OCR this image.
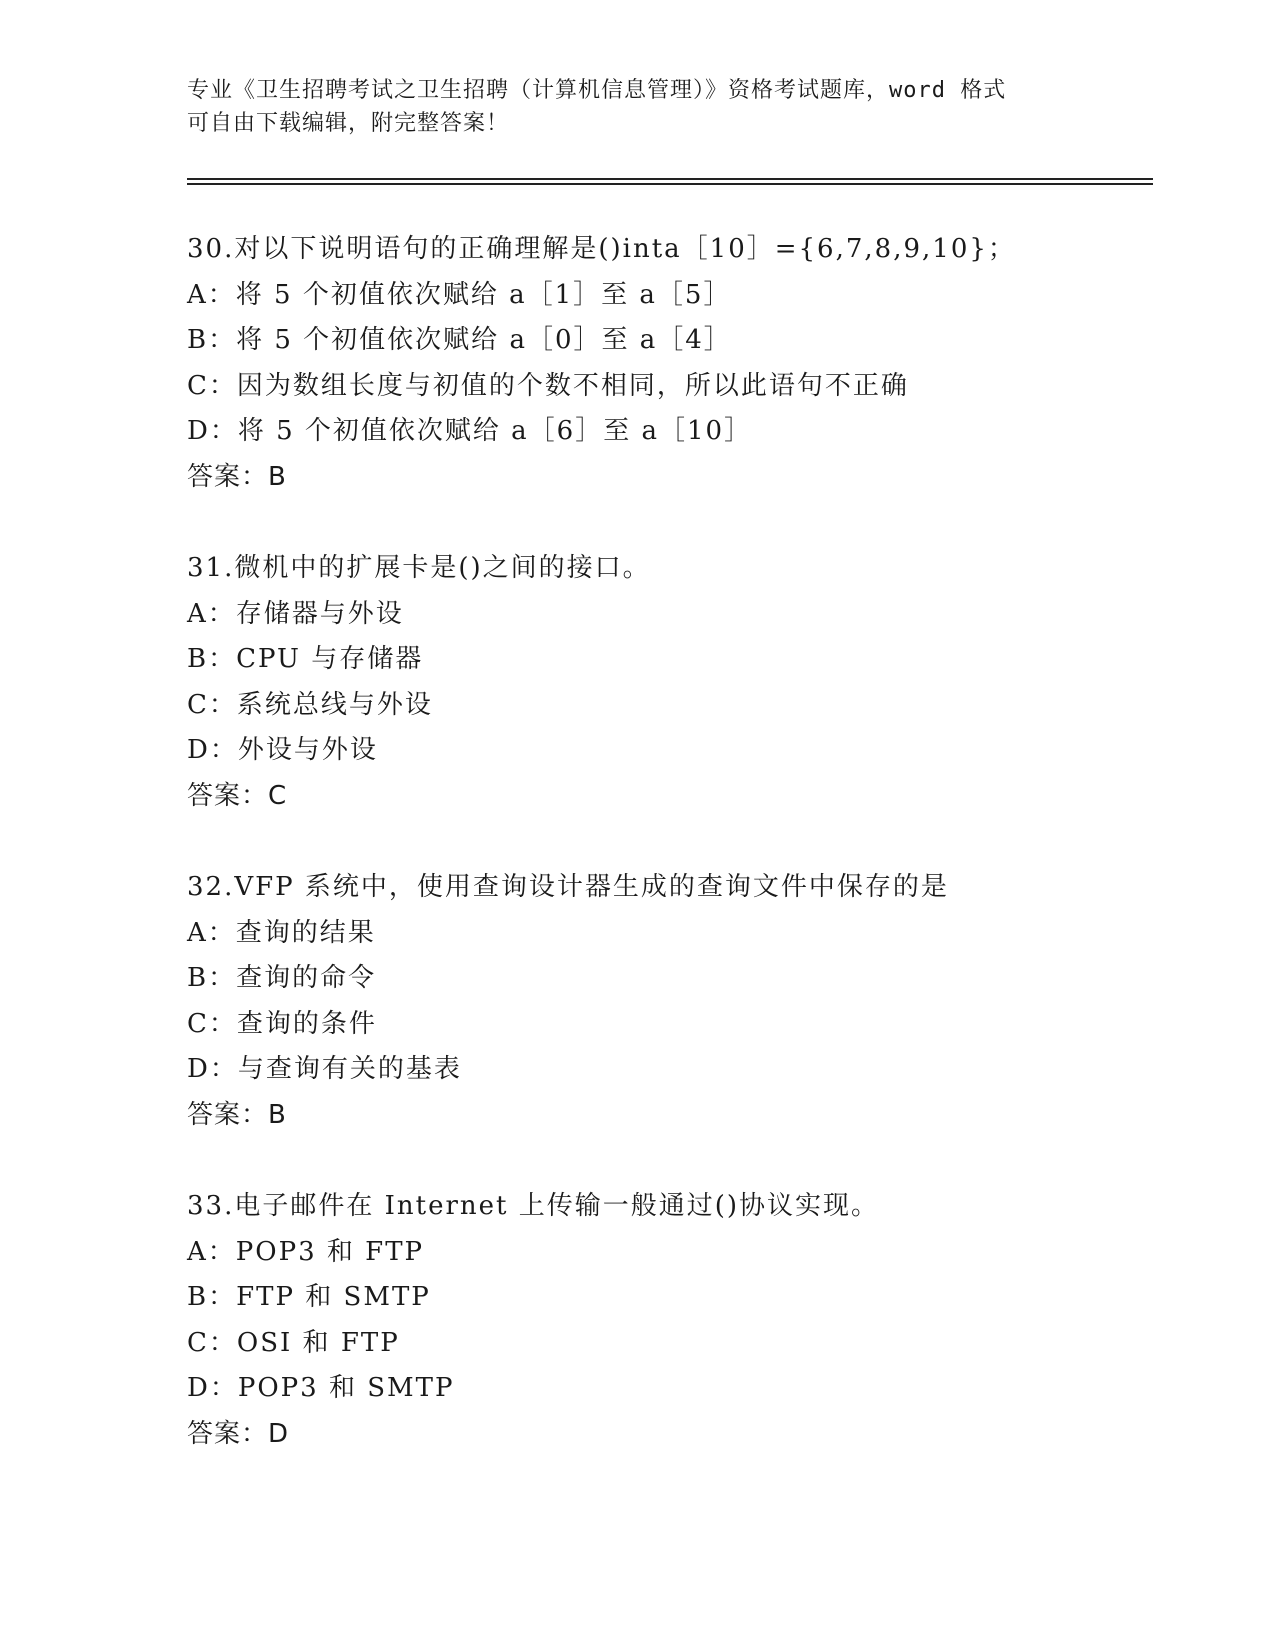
专业《卫生招聘考试之卫生招聘（计算机信息管理）》资格考试题库，word 格式
可自由下载编辑，附完整答案！
30.对以下说明语句的正确理解是()inta［10］={6,7,8,9,10}；
A：将 5 个初值依次赋给 a［1］至 a［5］
B：将 5 个初值依次赋给 a［0］至 a［4］
C：因为数组长度与初值的个数不相同，所以此语句不正确
D：将 5 个初值依次赋给 a［6］至 a［10］
答案：B
31.微机中的扩展卡是()之间的接口。
A：存储器与外设
B：CPU 与存储器
C：系统总线与外设
D：外设与外设
答案：C
32.VFP 系统中，使用查询设计器生成的查询文件中保存的是
A：查询的结果
B：查询的命令
C：查询的条件
D：与查询有关的基表
答案：B
33.电子邮件在 Internet 上传输一般通过()协议实现。
A：POP3 和 FTP
B：FTP 和 SMTP
C：OSI 和 FTP
D：POP3 和 SMTP
答案：D
